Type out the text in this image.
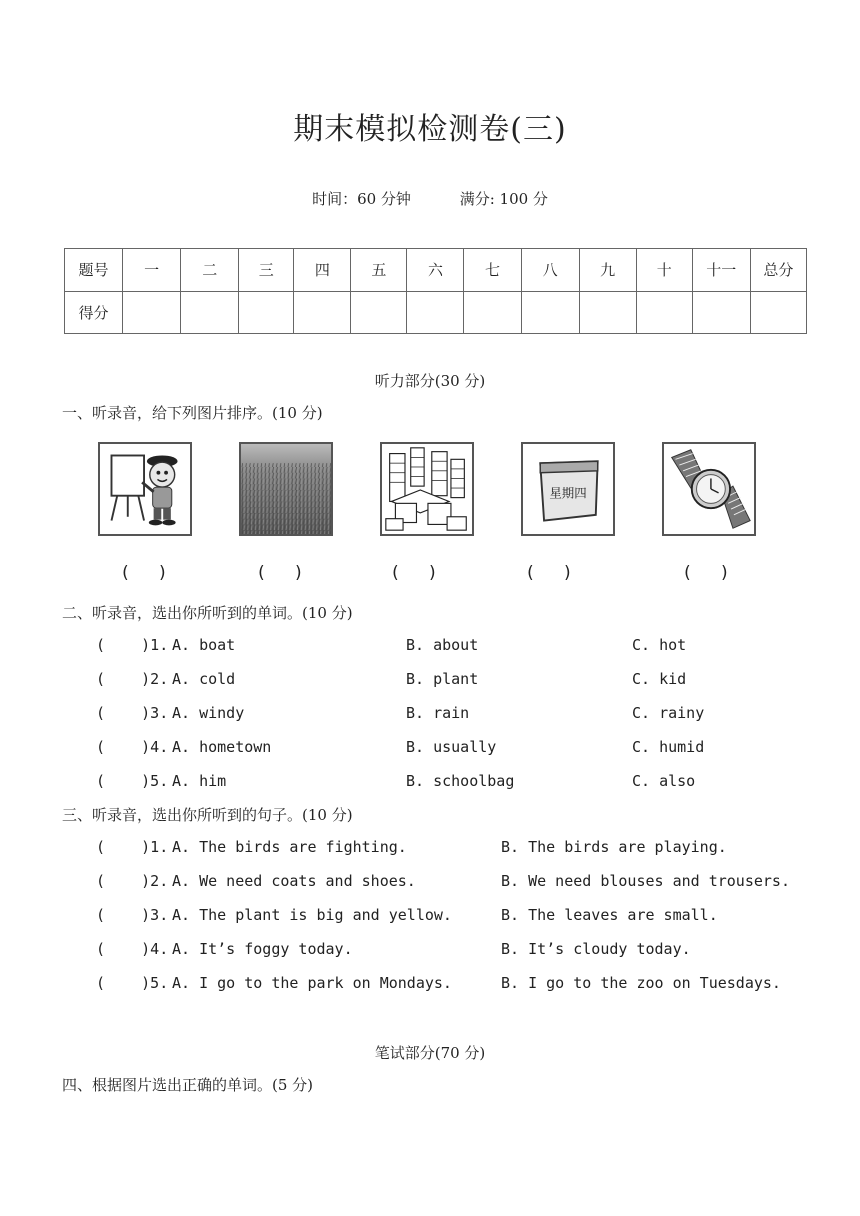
期末模拟检测卷(三)
时间：60 分钟	满分: 100 分
题号	一	二	三	四	五	六	七	八	九	十	十一	总分
得分												
听力部分(30 分)
一、听录音，给下列图片排序。(10 分)
星期四
(　 )	(　 )	(　 )	(　 )	(　 )
二、听录音，选出你所听到的单词。(10 分)
(    )1. A. boat	B. about	C. hot
(    )2. A. cold	B. plant	C. kid
(    )3. A. windy	B. rain	C. rainy
(    )4. A. hometown	B. usually	C. humid
(    )5. A. him	B. schoolbag	C. also
三、听录音，选出你所听到的句子。(10 分)
(    )1. A. The birds are fighting.	B. The birds are playing.
(    )2. A. We need coats and shoes.	B. We need blouses and trousers.
(    )3. A. The plant is big and yellow.	B. The leaves are small.
(    )4. A. It’s foggy today.	B. It’s cloudy today.
(    )5. A. I go to the park on Mondays.	B. I go to the zoo on Tuesdays.
笔试部分(70 分)
四、根据图片选出正确的单词。(5 分)
